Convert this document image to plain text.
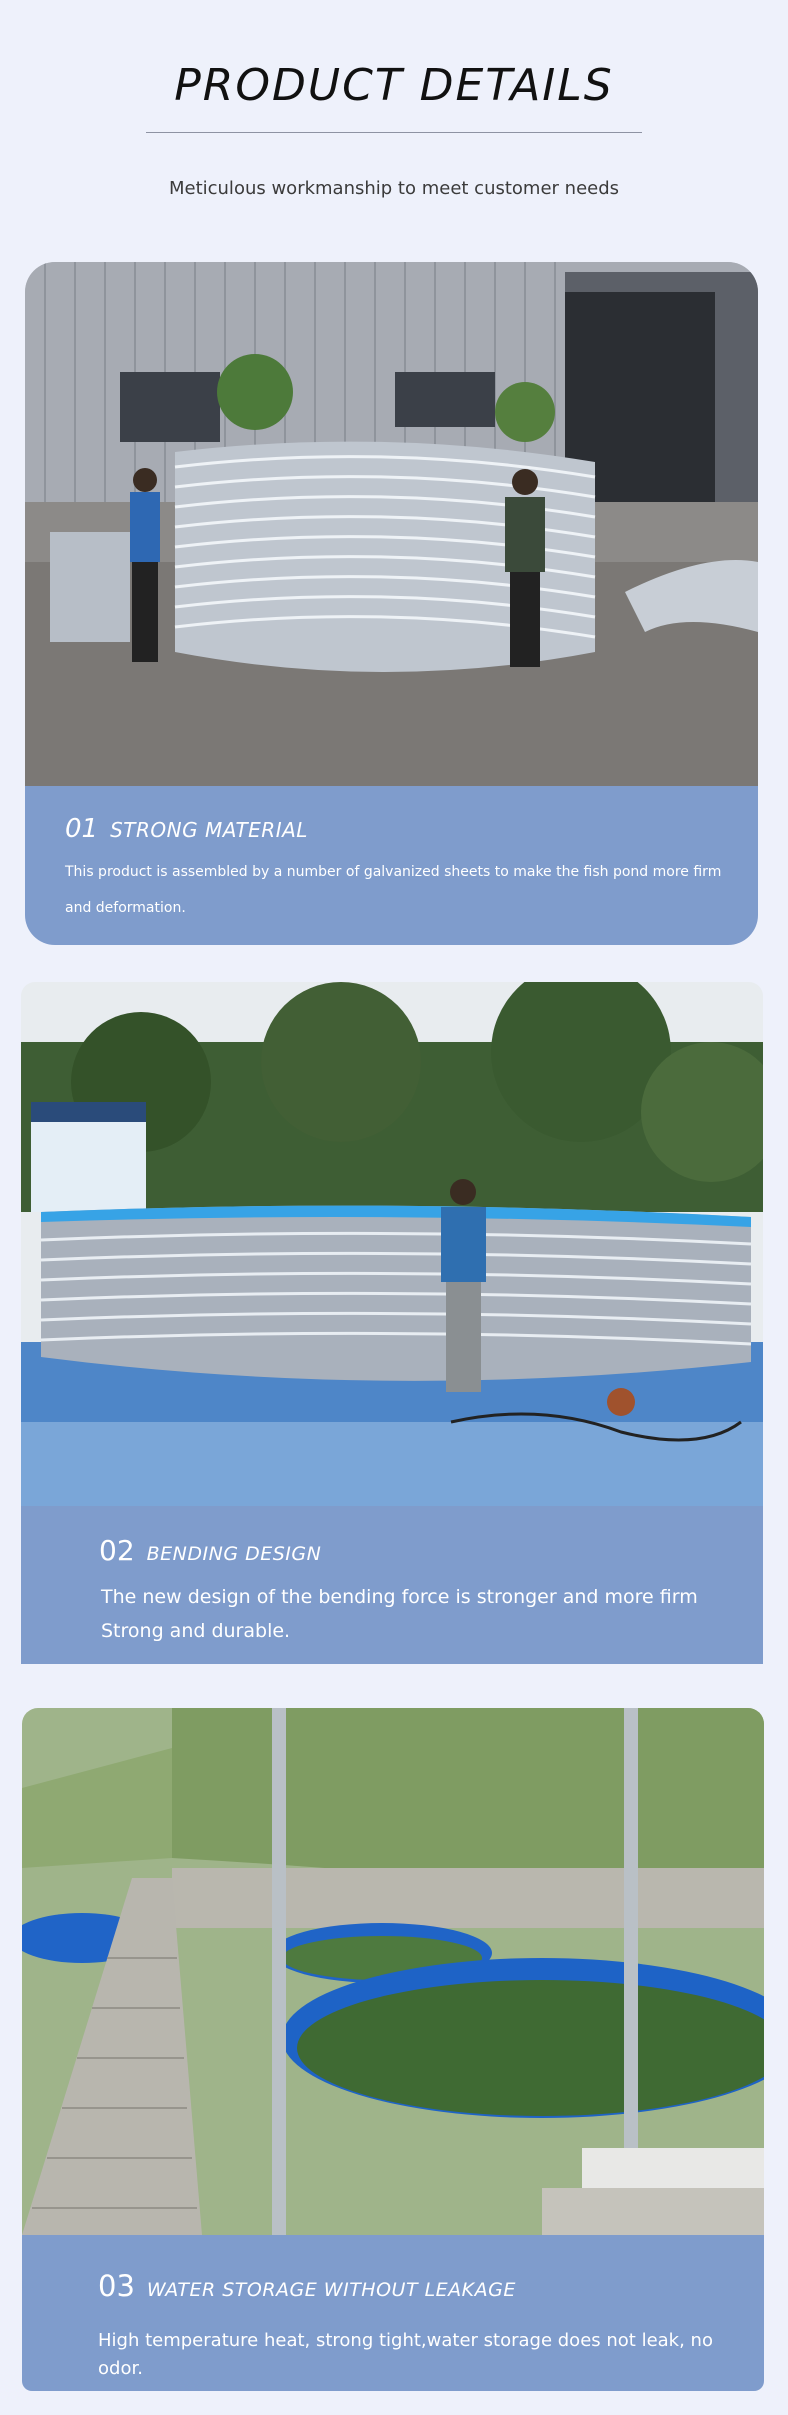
PRODUCT DETAILS
Meticulous workmanship to meet customer needs
01 STRONG MATERIAL
This product is assembled by a number of galvanized sheets to make the fish pond more firm and deformation.
02 BENDING DESIGN
The new design of the bending force is stronger and more firm
Strong and durable.
03 WATER STORAGE WITHOUT LEAKAGE
High temperature heat, strong tight,water storage does not leak, no odor.
